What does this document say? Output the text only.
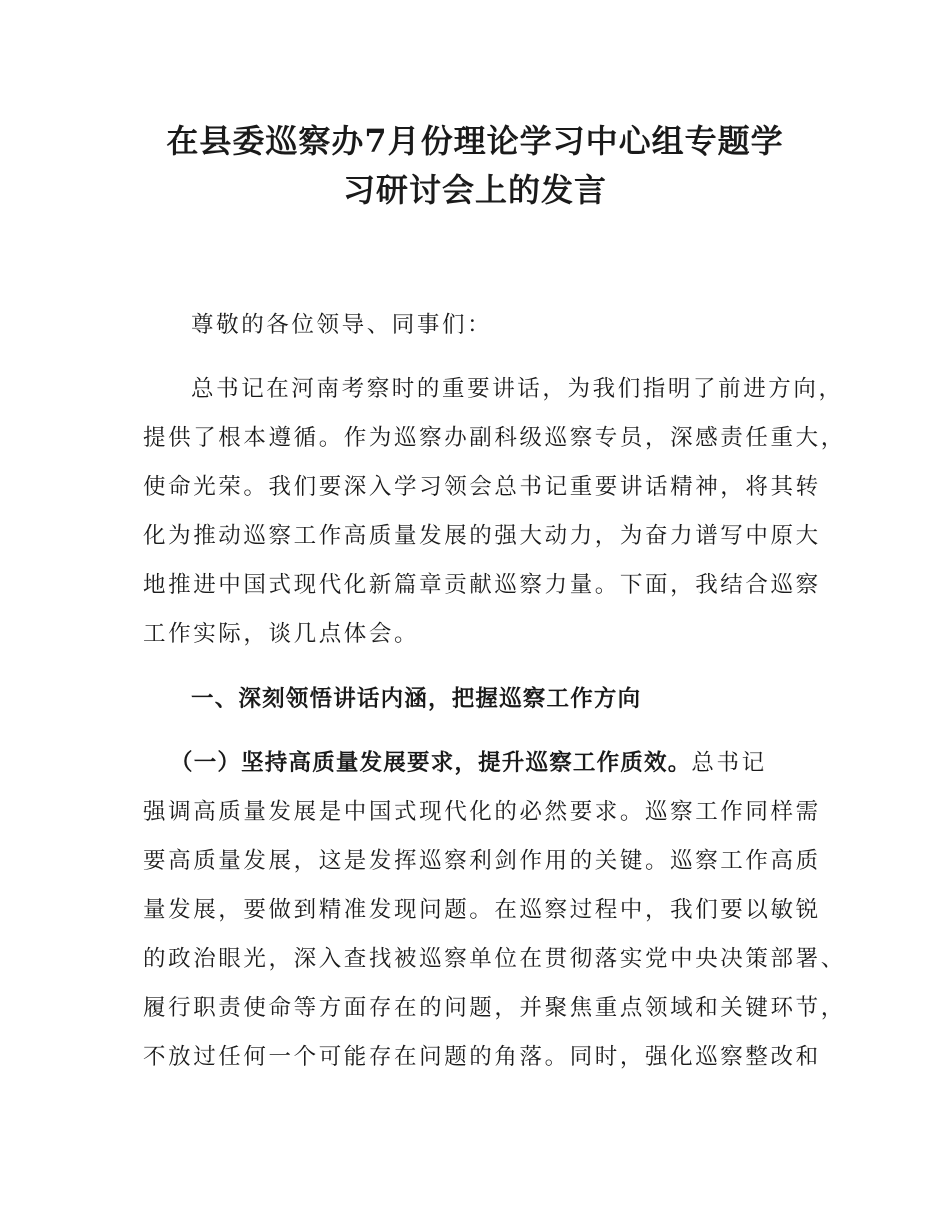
在县委巡察办7月份理论学习中心组专题学
习研讨会上的发言
尊敬的各位领导、同事们：
总书记在河南考察时的重要讲话，为我们指明了前进方向，
提供了根本遵循。作为巡察办副科级巡察专员，深感责任重大，
使命光荣。我们要深入学习领会总书记重要讲话精神，将其转
化为推动巡察工作高质量发展的强大动力，为奋力谱写中原大
地推进中国式现代化新篇章贡献巡察力量。下面，我结合巡察
工作实际，谈几点体会。
一、深刻领悟讲话内涵，把握巡察工作方向
（一）坚持高质量发展要求，提升巡察工作质效。总书记
强调高质量发展是中国式现代化的必然要求。巡察工作同样需
要高质量发展，这是发挥巡察利剑作用的关键。巡察工作高质
量发展，要做到精准发现问题。在巡察过程中，我们要以敏锐
的政治眼光，深入查找被巡察单位在贯彻落实党中央决策部署、
履行职责使命等方面存在的问题，并聚焦重点领域和关键环节，
不放过任何一个可能存在问题的角落。同时，强化巡察整改和
